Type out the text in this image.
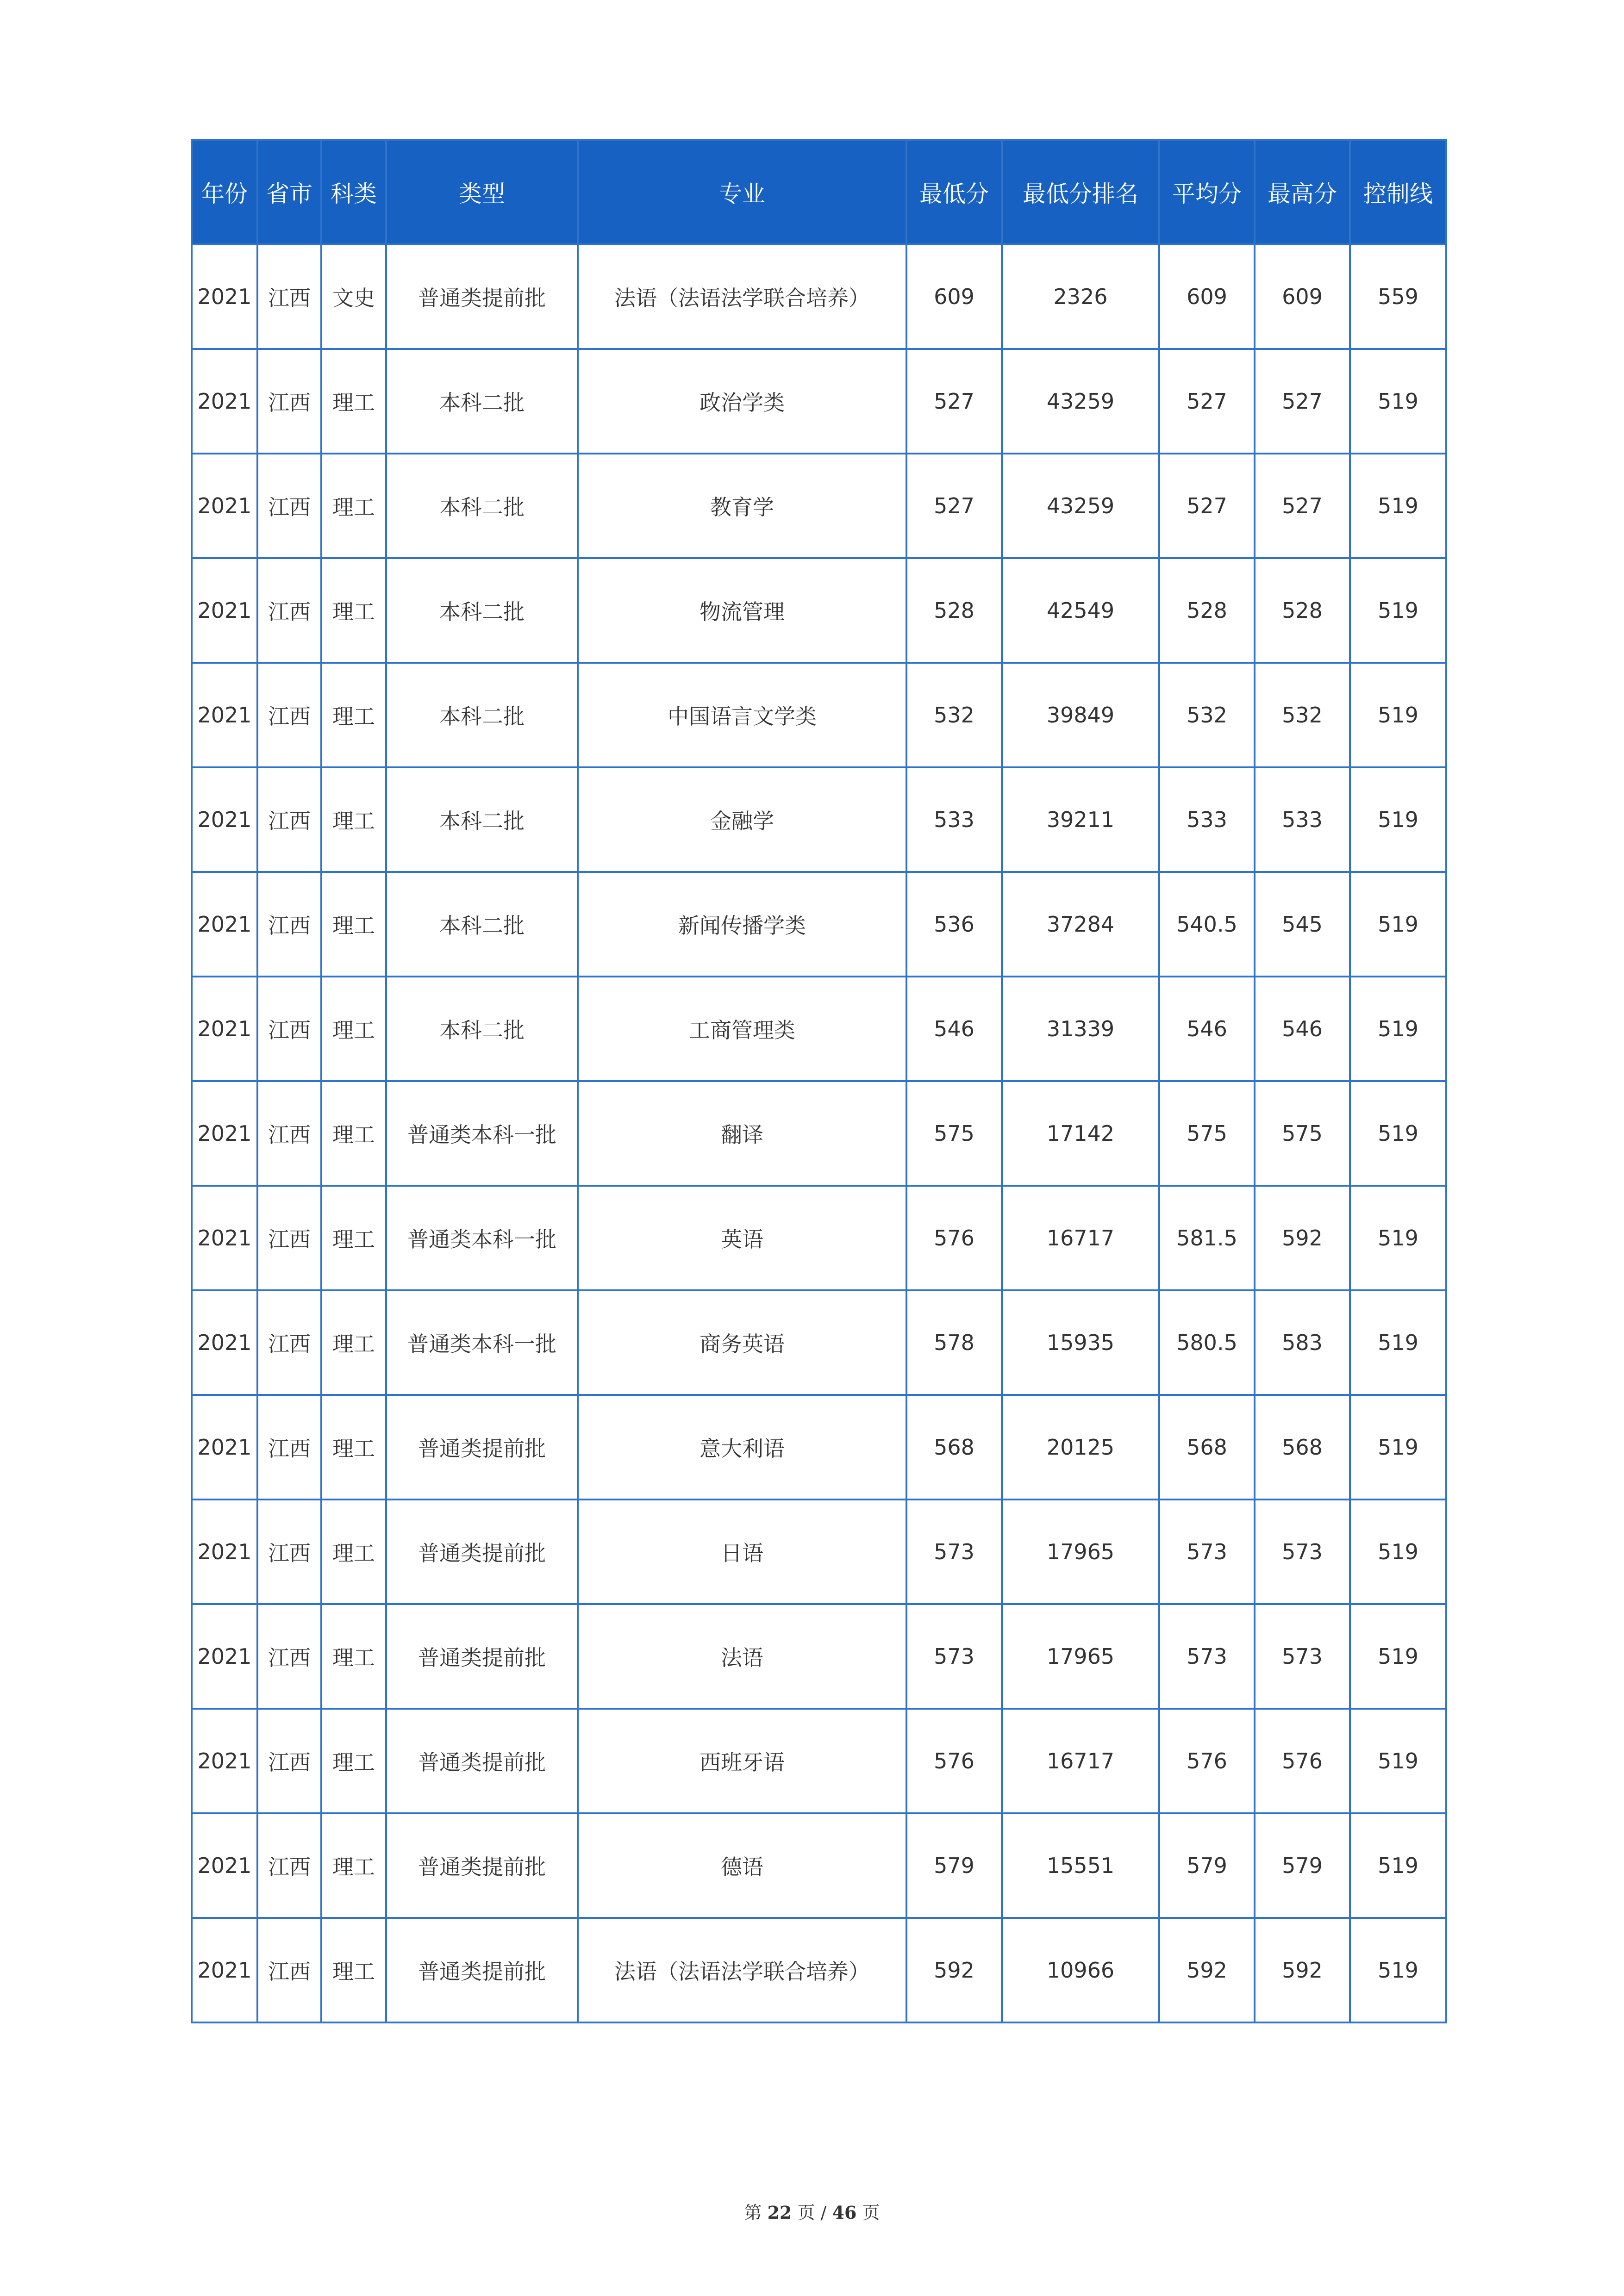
年份	省市	科类	类型	专业	最低分	最低分排名	平均分	最高分	控制线
2021	江西	文史	普通类提前批	法语（法语法学联合培养）	609	2326	609	609	559
2021	江西	理工	本科二批	政治学类	527	43259	527	527	519
2021	江西	理工	本科二批	教育学	527	43259	527	527	519
2021	江西	理工	本科二批	物流管理	528	42549	528	528	519
2021	江西	理工	本科二批	中国语言文学类	532	39849	532	532	519
2021	江西	理工	本科二批	金融学	533	39211	533	533	519
2021	江西	理工	本科二批	新闻传播学类	536	37284	540.5	545	519
2021	江西	理工	本科二批	工商管理类	546	31339	546	546	519
2021	江西	理工	普通类本科一批	翻译	575	17142	575	575	519
2021	江西	理工	普通类本科一批	英语	576	16717	581.5	592	519
2021	江西	理工	普通类本科一批	商务英语	578	15935	580.5	583	519
2021	江西	理工	普通类提前批	意大利语	568	20125	568	568	519
2021	江西	理工	普通类提前批	日语	573	17965	573	573	519
2021	江西	理工	普通类提前批	法语	573	17965	573	573	519
2021	江西	理工	普通类提前批	西班牙语	576	16717	576	576	519
2021	江西	理工	普通类提前批	德语	579	15551	579	579	519
2021	江西	理工	普通类提前批	法语（法语法学联合培养）	592	10966	592	592	519
第 22 页 / 46 页
